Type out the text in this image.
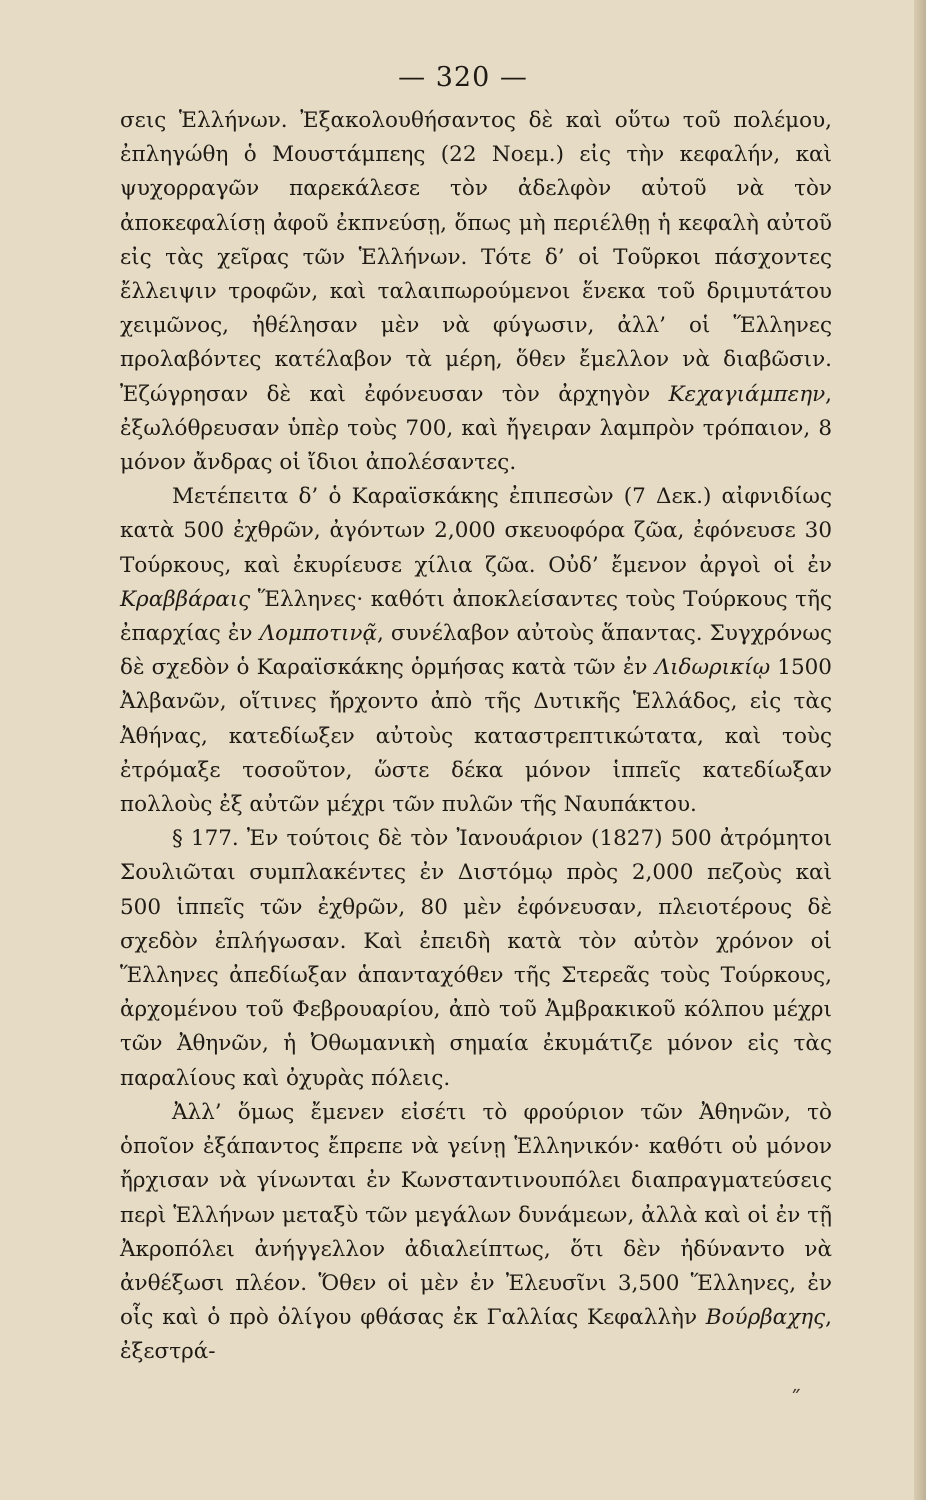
— 320 —

σεις Ἑλλήνων. Ἐξακολουθήσαντος δὲ καὶ οὕτω τοῦ πολέμου, ἐπληγώθη ὁ Μουστάμπεης (22 Νοεμ.) εἰς τὴν κεφαλήν, καὶ ψυχορραγῶν παρεκάλεσε τὸν ἀδελφὸν αὐτοῦ νὰ τὸν ἀποκεφαλίσῃ ἀφοῦ ἐκπνεύσῃ, ὅπως μὴ περιέλθῃ ἡ κεφαλὴ αὐτοῦ εἰς τὰς χεῖρας τῶν Ἑλλήνων. Τότε δ’ οἱ Τοῦρκοι πάσχοντες ἔλλειψιν τροφῶν, καὶ ταλαιπωρούμενοι ἕνεκα τοῦ δριμυτάτου χειμῶνος, ἠθέλησαν μὲν νὰ φύγωσιν, ἀλλ’ οἱ Ἕλληνες προλαβόντες κατέλαβον τὰ μέρη, ὅθεν ἔμελλον νὰ διαβῶσιν. Ἐζώγρησαν δὲ καὶ ἐφόνευσαν τὸν ἀρχηγὸν Κεχαγιάμπεην, ἐξωλόθρευσαν ὑπὲρ τοὺς 700, καὶ ἤγειραν λαμπρὸν τρόπαιον, 8 μόνον ἄνδρας οἱ ἴδιοι ἀπολέσαντες.

Μετέπειτα δ’ ὁ Καραϊσκάκης ἐπιπεσὼν (7 Δεκ.) αἰφνιδίως κατὰ 500 ἐχθρῶν, ἀγόντων 2,000 σκευοφόρα ζῶα, ἐφόνευσε 30 Τούρκους, καὶ ἐκυρίευσε χίλια ζῶα. Οὐδ’ ἔμενον ἀργοὶ οἱ ἐν Κραββάραις Ἕλληνες· καθότι ἀποκλείσαντες τοὺς Τούρκους τῆς ἐπαρχίας ἐν Λομποτινᾷ, συνέλαβον αὐτοὺς ἅπαντας. Συγχρόνως δὲ σχεδὸν ὁ Καραϊσκάκης ὁρμήσας κατὰ τῶν ἐν Λιδωρικίῳ 1500 Ἀλβανῶν, οἵτινες ἤρχοντο ἀπὸ τῆς Δυτικῆς Ἑλλάδος, εἰς τὰς Ἀθήνας, κατεδίωξεν αὐτοὺς καταστρεπτικώτατα, καὶ τοὺς ἐτρόμαξε τοσοῦτον, ὥστε δέκα μόνον ἱππεῖς κατεδίωξαν πολλοὺς ἐξ αὐτῶν μέχρι τῶν πυλῶν τῆς Ναυπάκτου.

§ 177. Ἐν τούτοις δὲ τὸν Ἰανουάριον (1827) 500 ἀτρόμητοι Σουλιῶται συμπλακέντες ἐν Διστόμῳ πρὸς 2,000 πεζοὺς καὶ 500 ἱππεῖς τῶν ἐχθρῶν, 80 μὲν ἐφόνευσαν, πλειοτέρους δὲ σχεδὸν ἐπλήγωσαν. Καὶ ἐπειδὴ κατὰ τὸν αὐτὸν χρόνον οἱ Ἕλληνες ἀπεδίωξαν ἁπανταχόθεν τῆς Στερεᾶς τοὺς Τούρκους, ἀρχομένου τοῦ Φεβρουαρίου, ἀπὸ τοῦ Ἀμβρακικοῦ κόλπου μέχρι τῶν Ἀθηνῶν, ἡ Ὀθωμανικὴ σημαία ἐκυμάτιζε μόνον εἰς τὰς παραλίους καὶ ὀχυρὰς πόλεις.

Ἀλλ’ ὅμως ἔμενεν εἰσέτι τὸ φρούριον τῶν Ἀθηνῶν, τὸ ὁποῖον ἐξάπαντος ἔπρεπε νὰ γείνῃ Ἑλληνικόν· καθότι οὐ μόνον ἤρχισαν νὰ γίνωνται ἐν Κωνσταντινουπόλει διαπραγματεύσεις περὶ Ἑλλήνων μεταξὺ τῶν μεγάλων δυνάμεων, ἀλλὰ καὶ οἱ ἐν τῇ Ἀκροπόλει ἀνήγγελλον ἀδιαλείπτως, ὅτι δὲν ἠδύναντο νὰ ἀνθέξωσι πλέον. Ὅθεν οἱ μὲν ἐν Ἐλευσῖνι 3,500 Ἕλληνες, ἐν οἷς καὶ ὁ πρὸ ὀλίγου φθάσας ἐκ Γαλλίας Κεφαλλὴν Βούρβαχης, ἐξεστρά-

˝
